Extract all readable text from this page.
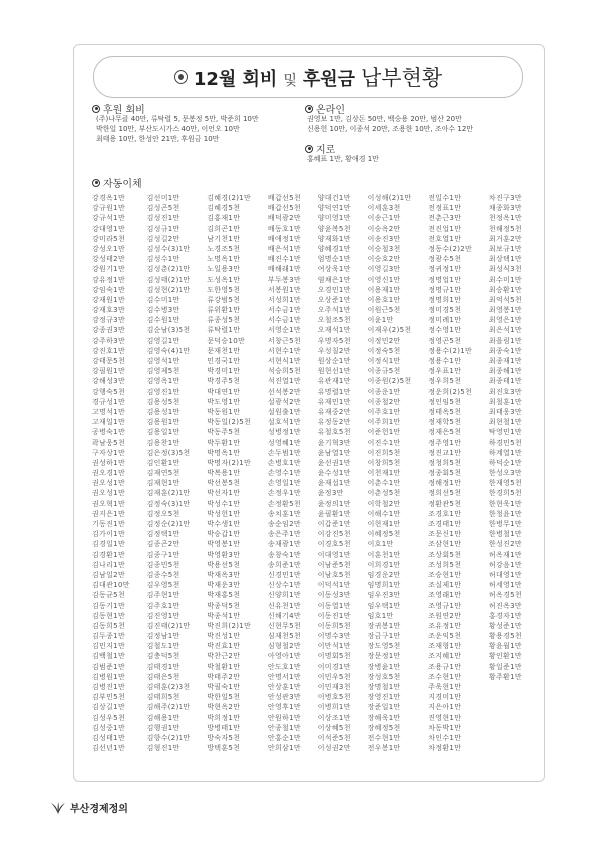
12월 회비 및 후원금 납부현황
후원 회비
(주)나무클 40만, 류탁렬 5, 문봉정 5만, 박준희 10만
박한일 10만, 부산도시가스 40만, 이언오 10만
최태용 10만, 한성안 21만, 후원금 10만
온라인
권영보 1만, 김상돈 50만, 백승용 20만, 범산 20만
신용헌 10만, 이종석 20만, 조용한 10만, 조아수 12만
지로
홍혜표 1만, 황애경 1만
자동이체
강경옥1만
강규원1만
강규석1만
강대영1만
강미라5천
강성오1만
강성태2만
강원기1만
강유정1만
강임숙1만
강재원1만
강재호3만
강정규3만
강종권3만
강주하3만
강진호1만
강태문5천
강필원1만
강해성3만
강행숙5천
경규성1만
고명석1만
고재일1만
공병숙1만
곽남웅5천
구자상1만
권성하1만
권오경1만
권오성1만
권오성1만
권오혁1만
권지은1만
기동진1만
김가이1만
김경일1만
김경환1만
김나리1만
김남일2만
김대관10만
김동균5천
김동기1만
김동현1만
김동희5천
김두종1만
김민지1만
김백철1만
김범준1만
김병원1만
김병진1만
김부민5천
김상길1만
김성우5천
김성중1만
김성태1만
김선년1만
김선미1만
김성곤5천
김성진1만
김성규1만
김성길2만
김성수(3)1만
김성수1만
김성춘(2)1만
김성태(2)1만
김성현(2)1만
김수미1만
김수병3만
김수원1만
김순남(3)5천
김영길1만
김영숙(4)1만
김영석1만
김영제5천
김영옥1만
김영진1만
김용성5천
김용성1만
김용원1만
김용일1만
김용찬1만
김은정(3)5천
김인환1만
김재연5천
김재현1만
김재훈(2)1만
김정숙(3)1만
김정오5천
김정순(2)1만
김정택1만
김종곤2만
김종구1만
김종민5천
김종수5천
김우영5천
김주현1만
김주호1만
김진영1만
김진태(2)1만
김정남1만
김철도1만
김충덕5천
김태경1만
김태은5천
김태훈(2)3천
김태희5천
김해주(2)1만
김해용1만
김행권1만
김향수(2)1만
김형진1만
김혜경(2)1만
김혜경5천
김홍재1만
김희곤1만
남기천1만
노경조5천
노명옥1만
노일용3만
도성옥1만
도한영5천
류강범5천
류위환1만
류종성5천
류탁렬1만
문덕승10만
문재천1만
민경국1만
박경미1만
박경주5천
박대연1만
박도영1만
박동원1만
박동일(2)5천
박동주5천
박두환1만
박명옥1만
박명자(2)1만
박복용1만
박선봉5천
박선자1만
박성수1만
박성헌1만
박수생1만
박승갑1만
박영봉1만
박영환3만
박용선5천
박재옥3만
박재운3만
박재홍5천
박종덕5천
박종석1만
박진희(2)1만
박진성1만
박진효1만
박찬근2만
박철환1만
박태주2만
박필숙1만
박한일5천
박현옥2만
박희정1만
방병태1만
방숙자5천
방택훈5천
배갑선5천
배갑선5천
배덕광2만
배동호1만
배애정1만
배은석1만
배진수1만
배해래1만
부두봉3만
서봉원1만
서성희1만
서수금1만
서수금1만
서영순1만
서창근5천
서현수1만
서현식1만
석승희5천
석진열1만
선석봉2만
설광석2만
설원출1만
설호석1만
성병정1만
성영혜1만
손두범1만
손병호1만
손영수1만
손영일1만
손정우1만
손정환5천
송치훈1만
송순임2만
송은주1만
송재광1만
송창숙1만
송희준1만
신경민1만
신상수1만
신양희1만
신유천1만
신해기4만
신현무5천
심재천5천
심형철2만
아영아1만
안도호1만
안명서1만
안상훈1만
안성관3만
안영후1만
안원하1만
안종철1만
안홍순1만
안희삼1만
양대건1만
양덕연1만
양미영1만
양윤복5천
양재화1만
양혜경1만
엄명순1만
여상욱1만
염채은1만
오경민1만
오상준1만
오주석1만
오철조5천
오재석1만
우명자5천
우성칠2만
원상순1만
원현선1만
유관재1만
유명렬1만
유재민1만
유재중2만
유정동2만
유철호5천
윤기혁3만
윤남열1만
윤선권1만
윤수성1만
윤재섭1만
윤정3만
윤정의1만
윤필환1만
이갑준1만
이강진5천
이경호5천
이대영1만
이남준5천
이남호5천
이덕석1만
이동성3만
이동열1만
이동진1만
이동희5천
이명수3만
이만석1만
이명회5천
이미경1만
이민우5천
이민재3천
이병호5천
이병희1만
이상조1만
이상혜5천
이석준5천
이성권2만
이성해(2)1만
이세훈3천
이송근1만
이승옥2만
이송진3만
이승철3천
이승호2만
이영길3만
이영신1만
이용재1만
이용호1만
이원근5천
이윤1만
이재우(2)5천
이정민2만
이정숙5천
이정식1만
이종규5천
이종원(2)5천
이종운1만
이종철2만
이주호1만
이주희1만
이준헌1만
이진수1만
이진희5천
이창희5천
이천재1만
이춘수1만
이춘성5천
이학철2만
이해수1만
이현재1만
이혜정5천
이호1만
이훈천1만
이희경1만
임경운2만
임명희1만
임우진3만
임우택1만
임호1만
장귀봉1만
장금구1만
장도영5천
장문정1만
장병윤1만
장성호5천
장명철1만
장영진1만
장준일1만
장해욱1만
장혜정5천
전수현1만
전우봉1만
전일수1만
전정표1만
전춘근3만
전진업1만
전호열1만
정동수(2)2만
정광수5천
정귀정1만
정명업1만
정명규1만
정명희1만
정미경5천
정미례1만
정수영1만
정영곤5천
정용수(2)1만
정용수1만
정우표1만
정우희5천
정운희(2)5천
정인임5천
정태옥5천
정재학5천
정재은5천
정주영1만
정진교1만
정청희5천
정종회5천
정해정1만
정희선5천
정환관5천
조경호1만
조경태1만
조문신1만
조삼현1만
조상회5천
조성희5천
조승현1만
조실제1만
조영래1만
조영규1만
조원연2만
조유정1만
조운익5천
조재형1만
조지혜1만
조용규1만
조수현1만
주욱현1만
지경미1만
지은아1만
진영현1만
차동박1만
차인수1만
차정환1만
차진구3만
채종화3만
천정옥1만
천해정5천
최거훈2만
최보규1만
최상택1만
최성식3천
최수미1만
최승환1만
최억석5천
최영봉1만
최영은1만
최은석1만
최을림1만
최종숙1만
최종재1만
최종해1만
최종태1만
최진호3만
최철훈1만
최태웅3만
최현철1만
탁영민1만
하경민5천
하계열1만
하덕순1만
한성오3만
한재영5천
한경희5천
한현욱1만
한청윤1만
한병무1만
한병철1만
한성진2만
허옥재1만
허강음1만
허대영1만
허세영1만
허옥경5천
허진옥3만
홍경자1만
황성준1만
황용경5천
황윤월1만
황인환1만
황일준1만
황주환1만
부산경제정의
